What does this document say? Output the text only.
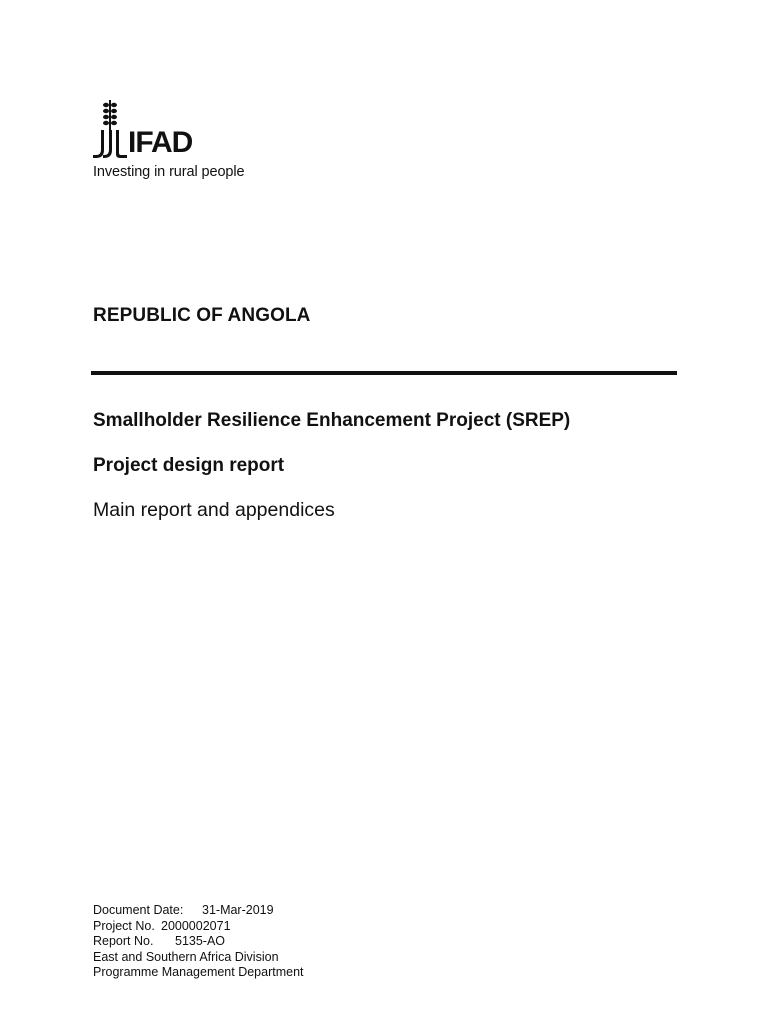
IFAD
Investing in rural people
REPUBLIC OF ANGOLA
Smallholder Resilience Enhancement Project (SREP)
Project design report
Main report and appendices
Document Date: 31-Mar-2019
Project No. 2000002071
Report No. 5135-AO
East and Southern Africa Division
Programme Management Department
